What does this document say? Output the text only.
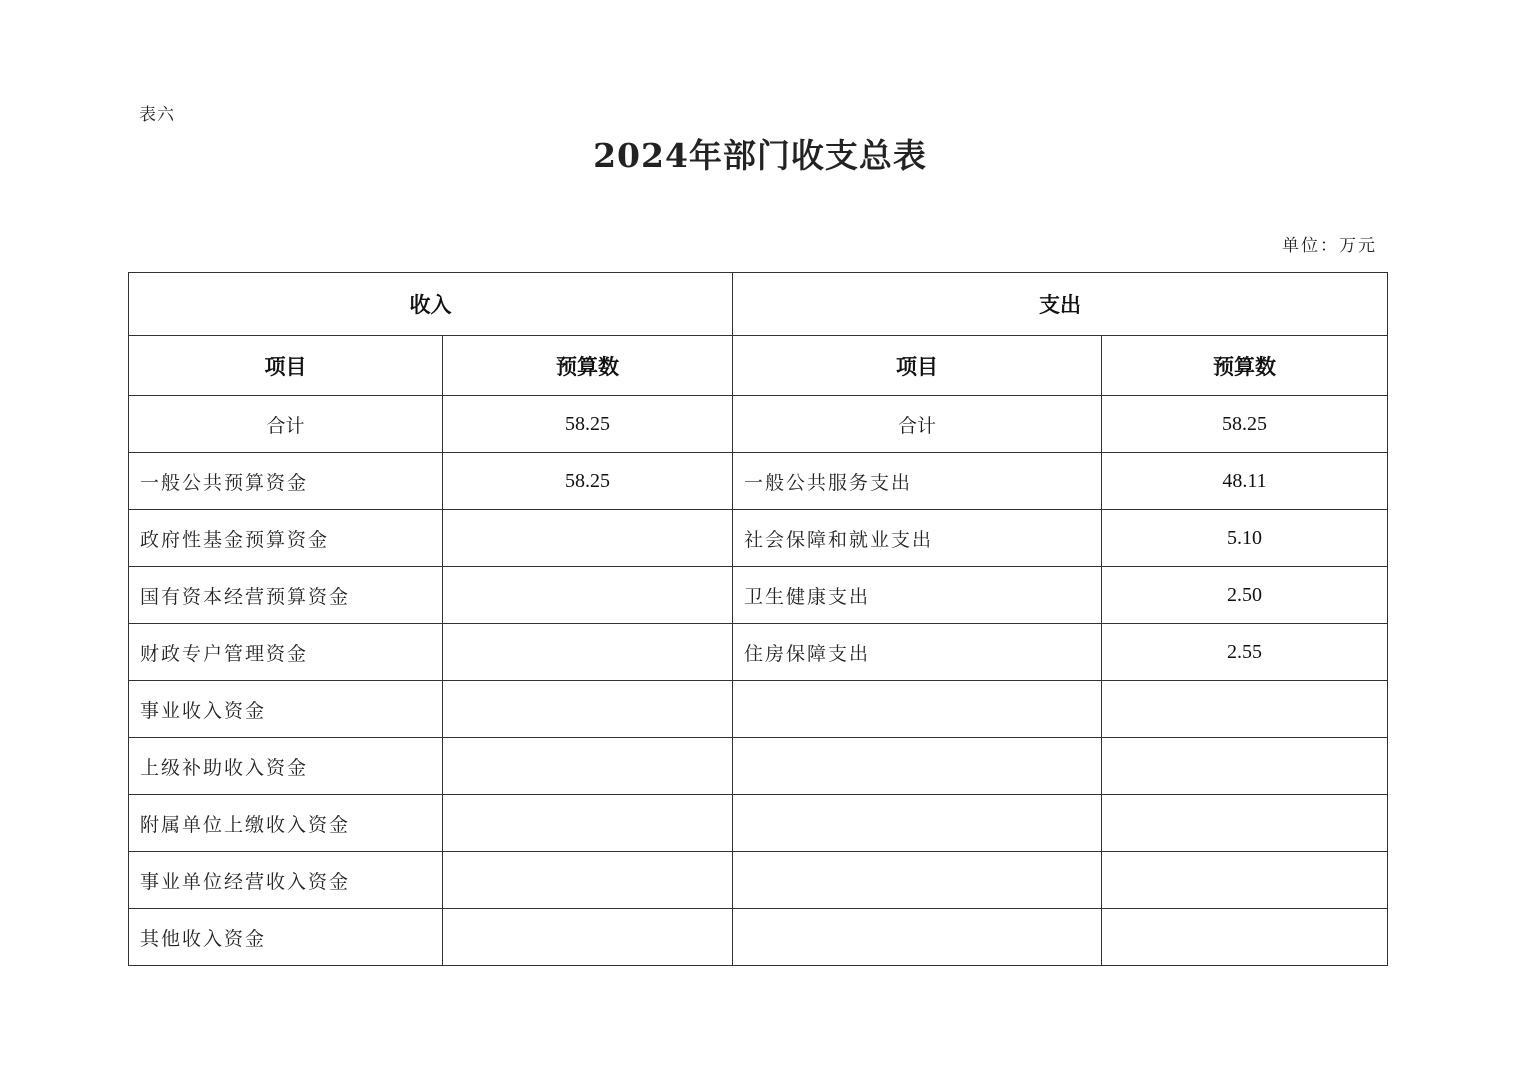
表六
2024年部门收支总表
单位：万元
收入		支出	
项目	预算数	项目	预算数
合计	58.25	合计	58.25
一般公共预算资金	58.25	一般公共服务支出	48.11
政府性基金预算资金		社会保障和就业支出	5.10
国有资本经营预算资金		卫生健康支出	2.50
财政专户管理资金		住房保障支出	2.55
事业收入资金			
上级补助收入资金			
附属单位上缴收入资金			
事业单位经营收入资金			
其他收入资金			
